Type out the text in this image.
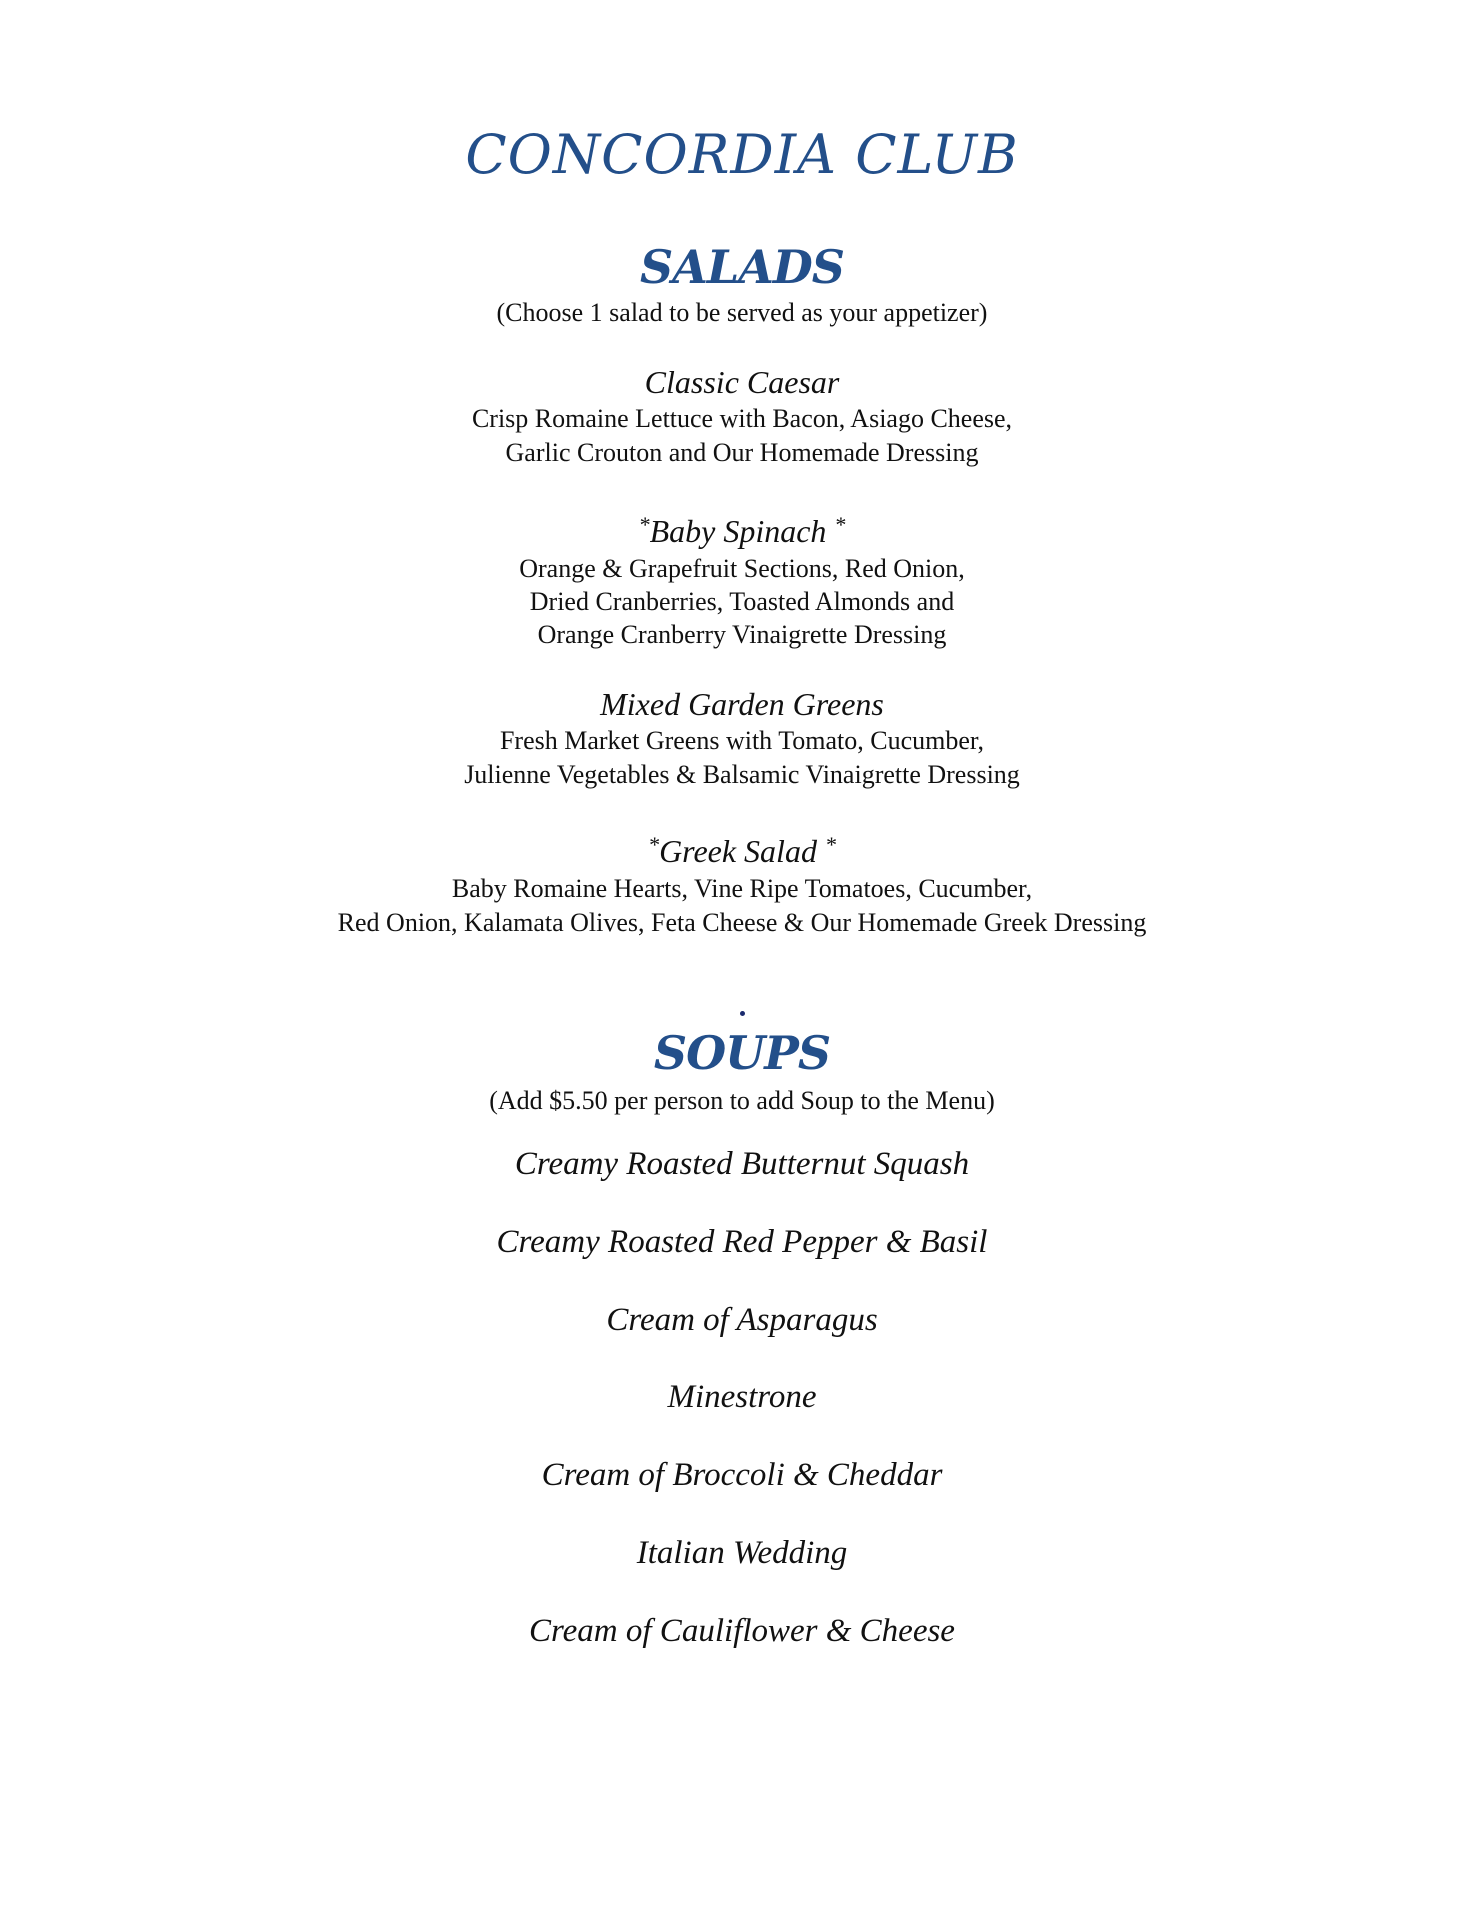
CONCORDIA CLUB
SALADS
(Choose 1 salad to be served as your appetizer)
Classic Caesar
Crisp Romaine Lettuce with Bacon, Asiago Cheese,
Garlic Crouton and Our Homemade Dressing
*Baby Spinach *
Orange & Grapefruit Sections, Red Onion,
Dried Cranberries, Toasted Almonds and
Orange Cranberry Vinaigrette Dressing
Mixed Garden Greens
Fresh Market Greens with Tomato, Cucumber,
Julienne Vegetables & Balsamic Vinaigrette Dressing
*Greek Salad *
Baby Romaine Hearts, Vine Ripe Tomatoes, Cucumber,
Red Onion, Kalamata Olives, Feta Cheese & Our Homemade Greek Dressing
SOUPS
(Add $5.50 per person to add Soup to the Menu)
Creamy Roasted Butternut Squash
Creamy Roasted Red Pepper & Basil
Cream of Asparagus
Minestrone
Cream of Broccoli & Cheddar
Italian Wedding
Cream of Cauliflower & Cheese
